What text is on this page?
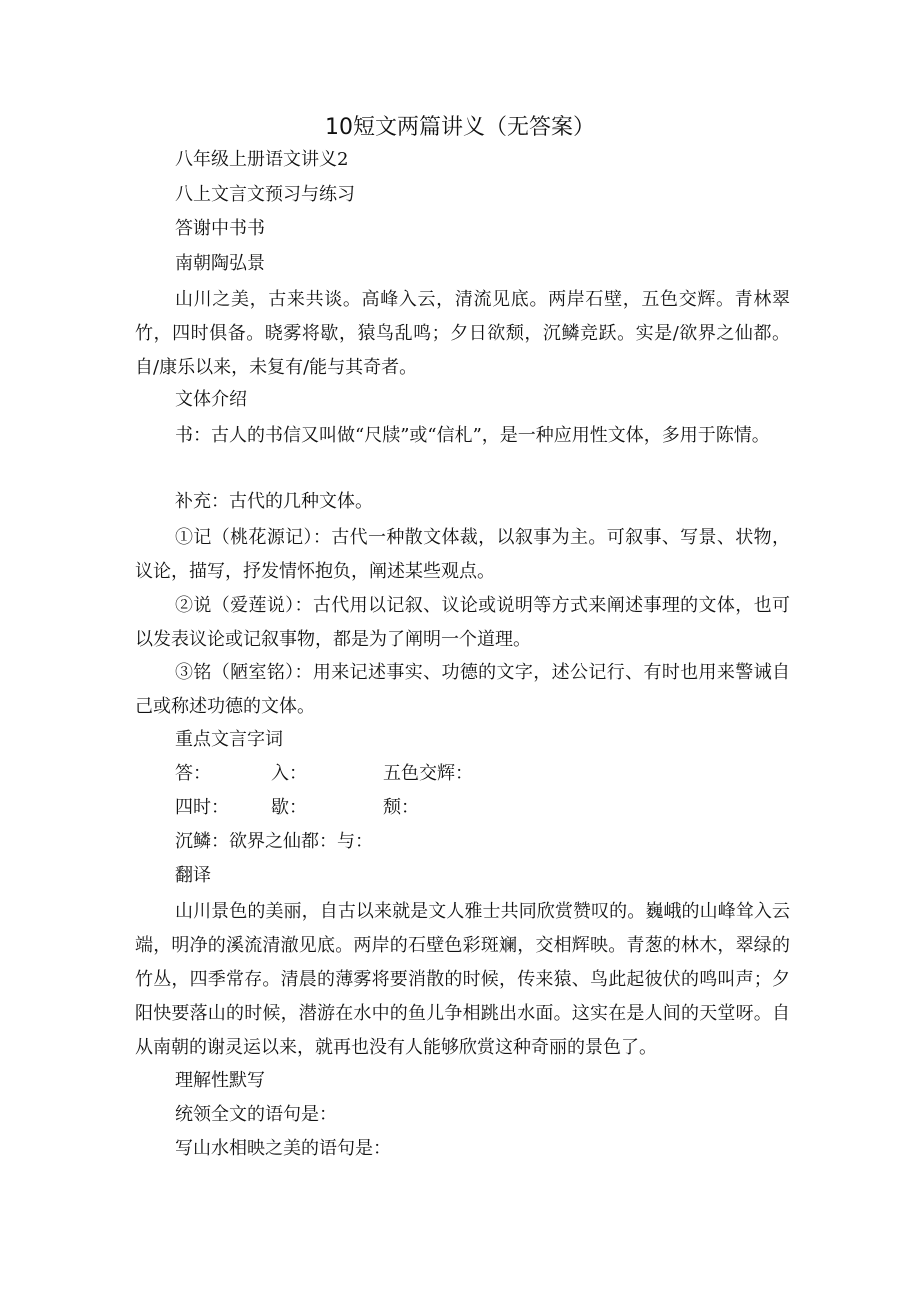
10短文两篇讲义（无答案）
八年级上册语文讲义2
八上文言文预习与练习
答谢中书书
南朝陶弘景
山川之美，古来共谈。高峰入云，清流见底。两岸石壁，五色交辉。青林翠竹，四时俱备。晓雾将歇，猿鸟乱鸣；夕日欲颓，沉鳞竞跃。实是/欲界之仙都。自/康乐以来，未复有/能与其奇者。
文体介绍
书：古人的书信又叫做“尺牍”或“信札”，是一种应用性文体，多用于陈情。
补充：古代的几种文体。
①记（桃花源记）：古代一种散文体裁，以叙事为主。可叙事、写景、状物，议论，描写，抒发情怀抱负，阐述某些观点。
②说（爱莲说）：古代用以记叙、议论或说明等方式来阐述事理的文体，也可以发表议论或记叙事物，都是为了阐明一个道理。
③铭（陋室铭）：用来记述事实、功德的文字，述公记行、有时也用来警诫自己或称述功德的文体。
重点文言字词
答：	入：	五色交辉：
四时： 歇：	颓：
沉鳞：欲界之仙都：与：
翻译
山川景色的美丽，自古以来就是文人雅士共同欣赏赞叹的。巍峨的山峰耸入云端，明净的溪流清澈见底。两岸的石壁色彩斑斓，交相辉映。青葱的林木，翠绿的竹丛，四季常存。清晨的薄雾将要消散的时候，传来猿、鸟此起彼伏的鸣叫声；夕阳快要落山的时候，潜游在水中的鱼儿争相跳出水面。这实在是人间的天堂呀。自从南朝的谢灵运以来，就再也没有人能够欣赏这种奇丽的景色了。
理解性默写
统领全文的语句是：
写山水相映之美的语句是：
